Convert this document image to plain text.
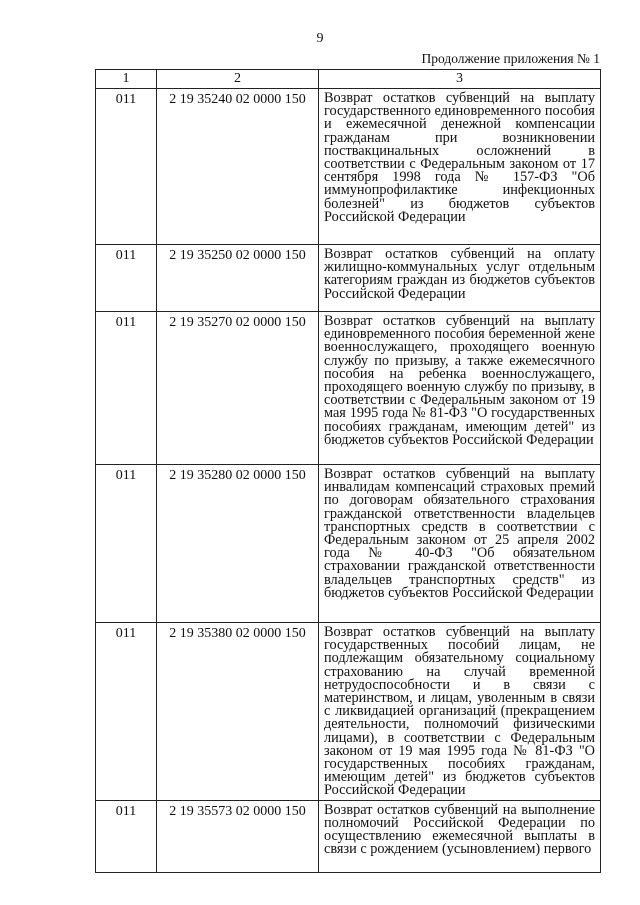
9
Продолжение приложения № 1
1	2	3
011	2 19 35240 02 0000 150	Возврат остатков субвенций на выплату государственного единовременного пособия и ежемесячной денежной компенсации гражданам при возникновении поствакцинальных осложнений в соответствии с Федеральным законом от 17 сентября 1998 года № 157-ФЗ "Об иммунопрофилактике инфекционных болезней" из бюджетов субъектов Российской Федерации
011	2 19 35250 02 0000 150	Возврат остатков субвенций на оплату жилищно-коммунальных услуг отдельным категориям граждан из бюджетов субъектов Российской Федерации
011	2 19 35270 02 0000 150	Возврат остатков субвенций на выплату единовременного пособия беременной жене военнослужащего, проходящего военную службу по призыву, а также ежемесячного пособия на ребенка военнослужащего, проходящего военную службу по призыву, в соответствии с Федеральным законом от 19 мая 1995 года № 81-ФЗ "О государственных пособиях гражданам, имеющим детей" из бюджетов субъектов Российской Федерации
011	2 19 35280 02 0000 150	Возврат остатков субвенций на выплату инвалидам компенсаций страховых премий по договорам обязательного страхования гражданской ответственности владельцев транспортных средств в соответствии с Федеральным законом от 25 апреля 2002 года № 40-ФЗ "Об обязательном страховании гражданской ответственности владельцев транспортных средств" из бюджетов субъектов Российской Федерации
011	2 19 35380 02 0000 150	Возврат остатков субвенций на выплату государственных пособий лицам, не подлежащим обязательному социальному страхованию на случай временной нетрудоспособности и в связи с материнством, и лицам, уволенным в связи с ликвидацией организаций (прекращением деятельности, полномочий физическими лицами), в соответствии с Федеральным законом от 19 мая 1995 года № 81-ФЗ "О государственных пособиях гражданам, имеющим детей" из бюджетов субъектов Российской Федерации
011	2 19 35573 02 0000 150	Возврат остатков субвенций на выполнение полномочий Российской Федерации по осуществлению ежемесячной выплаты в связи с рождением (усыновлением) первого
